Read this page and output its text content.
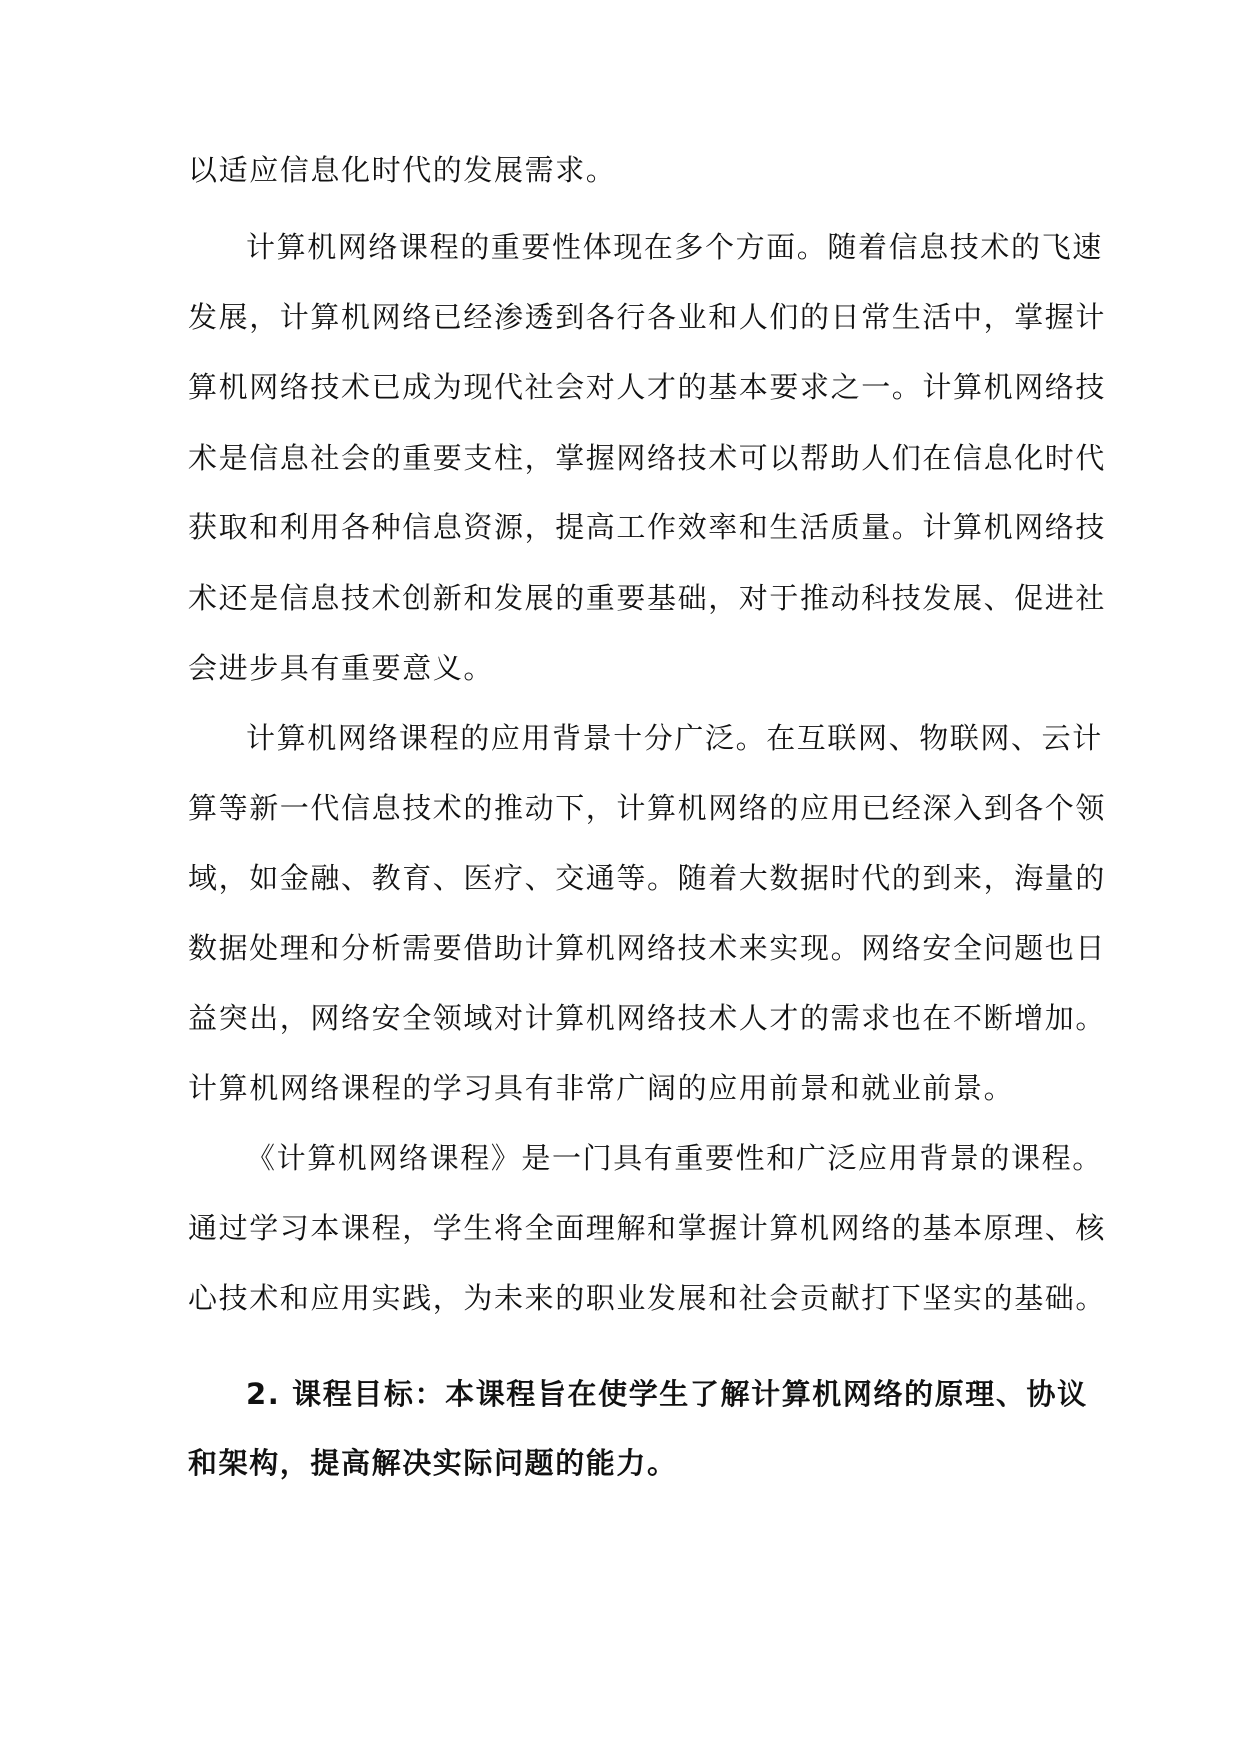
以适应信息化时代的发展需求。
计算机网络课程的重要性体现在多个方面。随着信息技术的飞速
发展，计算机网络已经渗透到各行各业和人们的日常生活中，掌握计
算机网络技术已成为现代社会对人才的基本要求之一。计算机网络技
术是信息社会的重要支柱，掌握网络技术可以帮助人们在信息化时代
获取和利用各种信息资源，提高工作效率和生活质量。计算机网络技
术还是信息技术创新和发展的重要基础，对于推动科技发展、促进社
会进步具有重要意义。
计算机网络课程的应用背景十分广泛。在互联网、物联网、云计
算等新一代信息技术的推动下，计算机网络的应用已经深入到各个领
域，如金融、教育、医疗、交通等。随着大数据时代的到来，海量的
数据处理和分析需要借助计算机网络技术来实现。网络安全问题也日
益突出，网络安全领域对计算机网络技术人才的需求也在不断增加。
计算机网络课程的学习具有非常广阔的应用前景和就业前景。
《计算机网络课程》是一门具有重要性和广泛应用背景的课程。
通过学习本课程，学生将全面理解和掌握计算机网络的基本原理、核
心技术和应用实践，为未来的职业发展和社会贡献打下坚实的基础。
2. 课程目标：本课程旨在使学生了解计算机网络的原理、协议
和架构，提高解决实际问题的能力。
